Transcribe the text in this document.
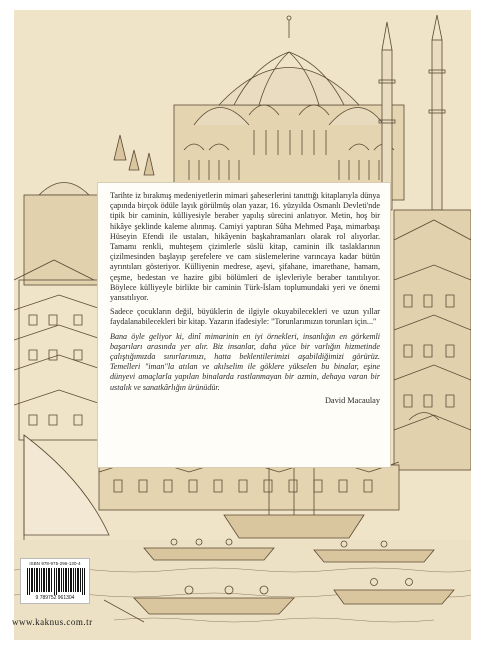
Tarihte iz bırakmış medeniyetlerin mimari şaheserlerini tanıttığı kitaplarıyla dünya çapında birçok ödüle layık görülmüş olan yazar, 16. yüzyılda Osmanlı Devleti'nde tipik bir caminin, külliyesiyle beraber yapılış sürecini anlatıyor. Metin, hoş bir hikâye şeklinde kaleme alınmış. Camiyi yaptıran Sûha Mehmed Paşa, mimarbaşı Hüseyin Efendi ile ustaları, hikâyenin başkahramanları olarak rol alıyorlar. Tamamı renkli, muhteşem çizimlerle süslü kitap, caminin ilk taslaklarının çizilmesinden başlayıp şerefelere ve cam süslemelerine varıncaya kadar bütün ayrıntıları gösteriyor. Külliyenin medrese, aşevi, şifahane, imarethane, hamam, çeşme, bedestan ve hazire gibi bölümleri de işlevleriyle beraber tanıtılıyor. Böylece külliyeyle birlikte bir caminin Türk-İslam toplumundaki yeri ve önemi yansıtılıyor.

Sadece çocukların değil, büyüklerin de ilgiyle okuyabilecekleri ve uzun yıllar faydalanabilecekleri bir kitap. Yazarın ifadesiyle: "Torunlarımızın torunları için..."

Bana öyle geliyor ki, dinî mimarinin en iyi örnekleri, insanlığın en görkemli başarıları arasında yer alır. Biz insanlar, daha yüce bir varlığın hizmetinde çalıştığımızda sınırlarımızı, hatta beklentilerimizi aşabildiğimizi görürüz. Temelleri "iman"la atılan ve akılselim ile göklere yükselen bu binalar, eşine dünyevi amaçlarla yapılan binalarda rastlanmayan bir azmin, dehaya varan bir ustalık ve sanatkârlığın ürünüdür.

David Macaulay
ISBN 978-975-296-130-4
9 789752 961304
www.kaknus.com.tr
